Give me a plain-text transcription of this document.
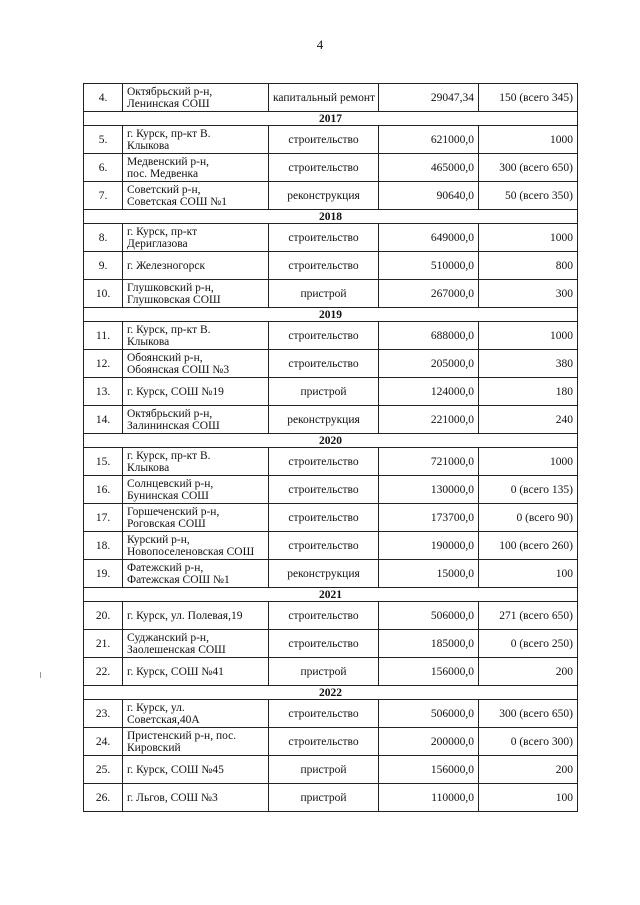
4
4.	Октябрьский р-н,
Ленинская СОШ	капитальный ремонт	29047,34	150 (всего 345)
2017				
5.	г. Курск, пр-кт В.
Клыкова	строительство	621000,0	1000
6.	Медвенский р-н,
пос. Медвенка	строительство	465000,0	300 (всего 650)
7.	Советский р-н,
Советская СОШ №1	реконструкция	90640,0	50 (всего 350)
2018				
8.	г. Курск, пр-кт
Дериглазова	строительство	649000,0	1000
9.	г. Железногорск	строительство	510000,0	800
10.	Глушковский р-н,
Глушковская СОШ	пристрой	267000,0	300
2019				
11.	г. Курск, пр-кт В.
Клыкова	строительство	688000,0	1000
12.	Обоянский р-н,
Обоянская СОШ №3	строительство	205000,0	380
13.	г. Курск, СОШ №19	пристрой	124000,0	180
14.	Октябрьский р-н,
Залининская СОШ	реконструкция	221000,0	240
2020				
15.	г. Курск, пр-кт В.
Клыкова	строительство	721000,0	1000
16.	Солнцевский р-н,
Бунинская СОШ	строительство	130000,0	0 (всего 135)
17.	Горшеченский р-н,
Роговская СОШ	строительство	173700,0	0 (всего 90)
18.	Курский р-н,
Новопоселеновская СОШ	строительство	190000,0	100 (всего 260)
19.	Фатежский р-н,
Фатежская СОШ №1	реконструкция	15000,0	100
2021				
20.	г. Курск, ул. Полевая,19	строительство	506000,0	271 (всего 650)
21.	Суджанский р-н,
Заолешенская СОШ	строительство	185000,0	0 (всего 250)
22.	г. Курск, СОШ №41	пристрой	156000,0	200
2022				
23.	г. Курск, ул.
Советская,40А	строительство	506000,0	300 (всего 650)
24.	Пристенский р-н, пос.
Кировский	строительство	200000,0	0 (всего 300)
25.	г. Курск, СОШ №45	пристрой	156000,0	200
26.	г. Льгов, СОШ №3	пристрой	110000,0	100
